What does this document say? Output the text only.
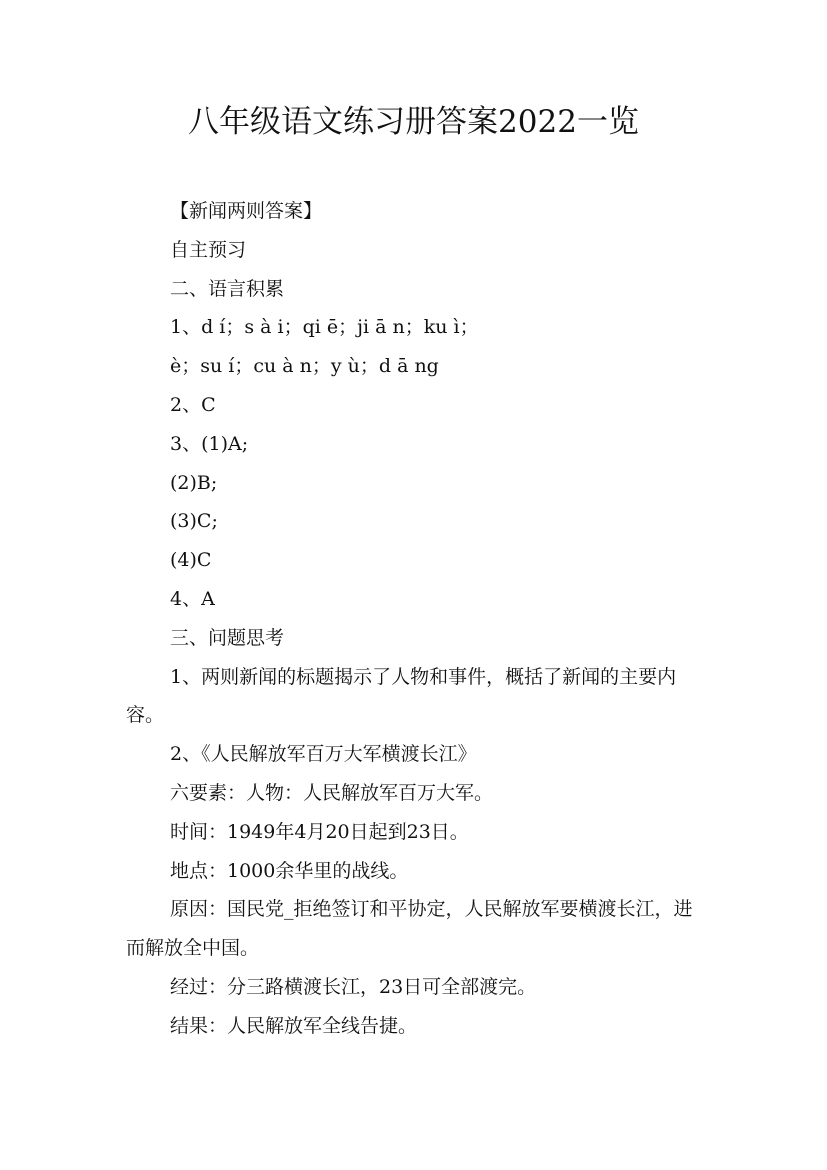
八年级语文练习册答案2022一览

【新闻两则答案】

自主预习

二、语言积累

1、d í；s à i；qi ē；ji ā n；ku ì；

è；su í；cu à n；y ù；d ā ng

2、C

3、(1)A;

(2)B;

(3)C;

(4)C

4、A

三、问题思考

1、两则新闻的标题揭示了人物和事件，概括了新闻的主要内容。

2、《人民解放军百万大军横渡长江》

六要素：人物：人民解放军百万大军。

时间：1949年4月20日起到23日。

地点：1000余华里的战线。

原因：国民党_拒绝签订和平协定，人民解放军要横渡长江，进而解放全中国。

经过：分三路横渡长江，23日可全部渡完。

结果：人民解放军全线告捷。
